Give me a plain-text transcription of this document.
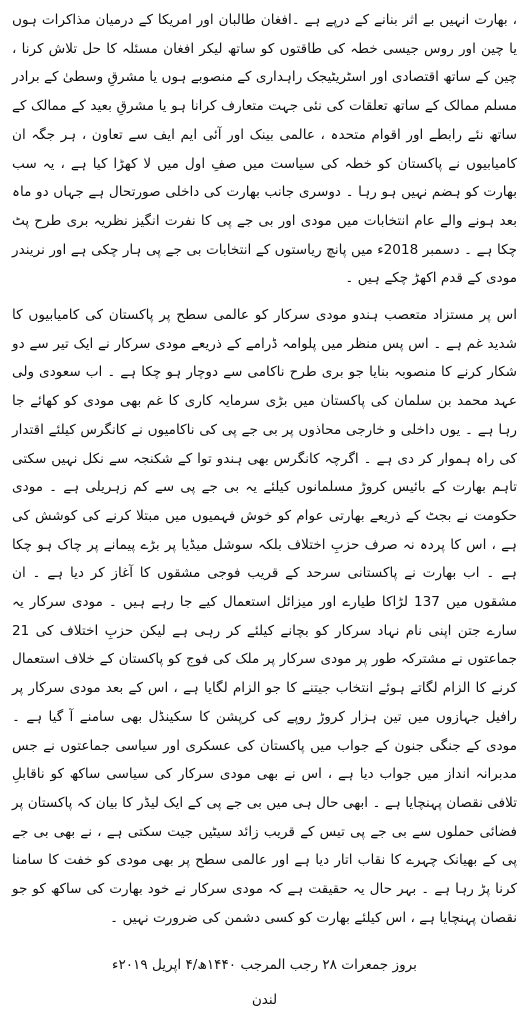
، بھارت انہیں بے اثر بنانے کے درپے ہے ۔افغان طالبان اور امریکا کے درمیان مذاکرات ہوں یا چین اور روس جیسی خطہ کی طاقتوں کو ساتھ لیکر افغان مسئلہ کا حل تلاش کرنا ، چین کے ساتھ اقتصادی اور اسٹریٹیجک راہداری کے منصوبے ہوں یا مشرقِ وسطیٰ کے برادر مسلم ممالک کے ساتھ تعلقات کی نئی جہت متعارف کرانا ہو یا مشرقِ بعید کے ممالک کے ساتھ نئے رابطے اور اقوام متحدہ ، عالمی بینک اور آئی ایم ایف سے تعاون ، ہر جگہ ان کامیابیوں نے پاکستان کو خطہ کی سیاست میں صفِ اول میں لا کھڑا کیا ہے ، یہ سب بھارت کو ہضم نہیں ہو رہا ۔ دوسری جانب بھارت کی داخلی صورتحال ہے جہاں دو ماہ بعد ہونے والے عام انتخابات میں مودی اور بی جے پی کا نفرت انگیز نظریہ بری طرح پٹ چکا ہے ۔ دسمبر 2018ء میں پانچ ریاستوں کے انتخابات بی جے پی ہار چکی ہے اور نریندر مودی کے قدم اکھڑ چکے ہیں ۔

اس پر مستزاد متعصب ہندو مودی سرکار کو عالمی سطح پر پاکستان کی کامیابیوں کا شدید غم ہے ۔ اس پس منظر میں پلوامہ ڈرامے کے ذریعے مودی سرکار نے ایک تیر سے دو شکار کرنے کا منصوبہ بنایا جو بری طرح ناکامی سے دوچار ہو چکا ہے ۔ اب سعودی ولی عہد محمد بن سلمان کی پاکستان میں بڑی سرمایہ کاری کا غم بھی مودی کو کھائے جا رہا ہے ۔ یوں داخلی و خارجی محاذوں پر بی جے پی کی ناکامیوں نے کانگرس کیلئے اقتدار کی راہ ہموار کر دی ہے ۔ اگرچہ کانگرس بھی ہندو توا کے شکنجہ سے نکل نہیں سکتی تاہم بھارت کے بائیس کروڑ مسلمانوں کیلئے یہ بی جے پی سے کم زہریلی ہے ۔ مودی حکومت نے بجٹ کے ذریعے بھارتی عوام کو خوش فہمیوں میں مبتلا کرنے کی کوشش کی ہے ، اس کا پردہ نہ صرف حزبِ اختلاف بلکہ سوشل میڈیا پر بڑے پیمانے پر چاک ہو چکا ہے ۔ اب بھارت نے پاکستانی سرحد کے قریب فوجی مشقوں کا آغاز کر دیا ہے ۔ ان مشقوں میں 137 لڑاکا طیارے اور میزائل استعمال کیے جا رہے ہیں ۔ مودی سرکار یہ سارے جتن اپنی نام نہاد سرکار کو بچانے کیلئے کر رہی ہے لیکن حزبِ اختلاف کی 21 جماعتوں نے مشترکہ طور پر مودی سرکار پر ملک کی فوج کو پاکستان کے خلاف استعمال کرنے کا الزام لگاتے ہوئے انتخاب جیتنے کا جو الزام لگایا ہے ، اس کے بعد مودی سرکار پر رافیل جہازوں میں تین ہزار کروڑ روپے کی کرپشن کا سکینڈل بھی سامنے آ گیا ہے ۔ مودی کے جنگی جنون کے جواب میں پاکستان کی عسکری اور سیاسی جماعتوں نے جس مدبرانہ انداز میں جواب دیا ہے ، اس نے بھی مودی سرکار کی سیاسی ساکھ کو ناقابلِ تلافی نقصان پہنچایا ہے ۔ ابھی حال ہی میں بی جے پی کے ایک لیڈر کا بیان کہ پاکستان پر فضائی حملوں سے بی جے پی تیس کے قریب زائد سیٹیں جیت سکتی ہے ، نے بھی بی جے پی کے بھیانک چہرے کا نقاب اتار دیا ہے اور عالمی سطح پر بھی مودی کو خفت کا سامنا کرنا پڑ رہا ہے ۔ بہر حال یہ حقیقت ہے کہ مودی سرکار نے خود بھارت کی ساکھ کو جو نقصان پہنچایا ہے ، اس کیلئے بھارت کو کسی دشمن کی ضرورت نہیں ۔

بروز جمعرات ۲۸ رجب المرجب ۱۴۴۰ھ/۴ اپریل ۲۰۱۹ء
لندن
